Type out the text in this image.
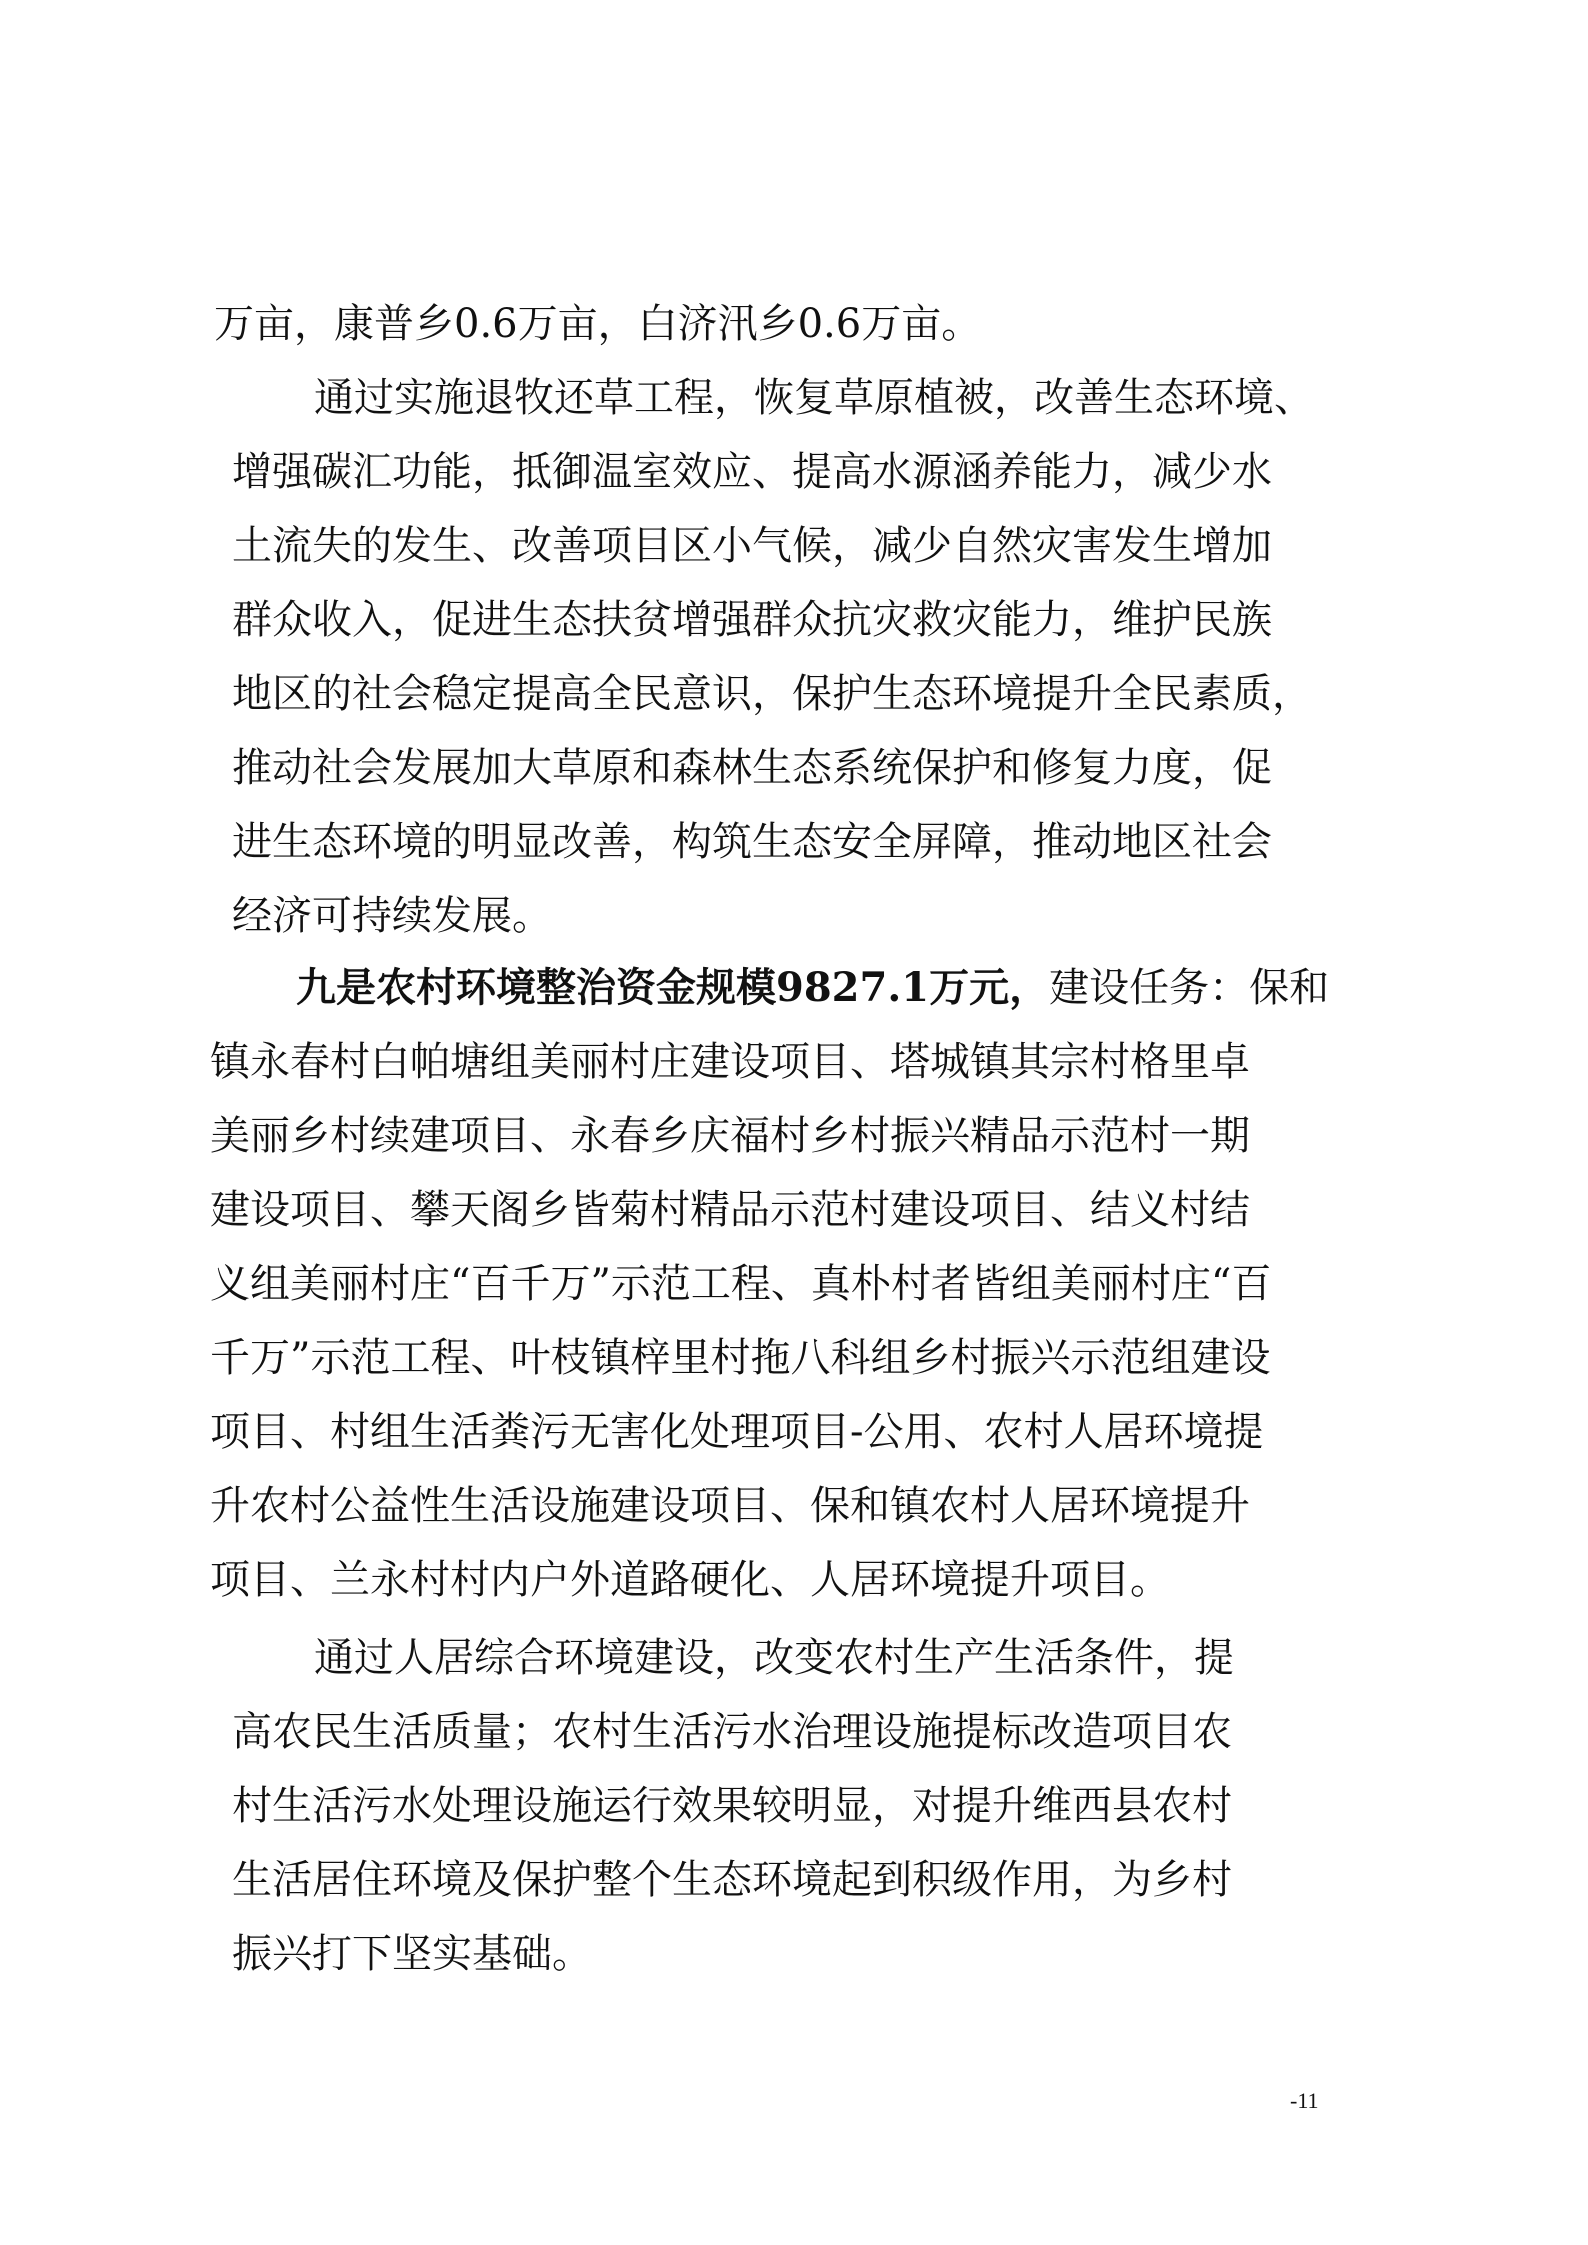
万亩，康普乡0.6万亩，白济汛乡0.6万亩。
通过实施退牧还草工程，恢复草原植被，改善生态环境、
增强碳汇功能，抵御温室效应、提高水源涵养能力，减少水
土流失的发生、改善项目区小气候，减少自然灾害发生增加
群众收入，促进生态扶贫增强群众抗灾救灾能力，维护民族
地区的社会稳定提高全民意识，保护生态环境提升全民素质，
推动社会发展加大草原和森林生态系统保护和修复力度，促
进生态环境的明显改善，构筑生态安全屏障，推动地区社会
经济可持续发展。
九是农村环境整治资金规模9827.1万元，建设任务：保和
镇永春村白帕塘组美丽村庄建设项目、塔城镇其宗村格里卓
美丽乡村续建项目、永春乡庆福村乡村振兴精品示范村一期
建设项目、攀天阁乡皆菊村精品示范村建设项目、结义村结
义组美丽村庄“百千万”示范工程、真朴村者皆组美丽村庄“百
千万”示范工程、叶枝镇梓里村拖八科组乡村振兴示范组建设
项目、村组生活粪污无害化处理项目-公用、农村人居环境提
升农村公益性生活设施建设项目、保和镇农村人居环境提升
项目、兰永村村内户外道路硬化、人居环境提升项目。
通过人居综合环境建设，改变农村生产生活条件，提
高农民生活质量；农村生活污水治理设施提标改造项目农
村生活污水处理设施运行效果较明显，对提升维西县农村
生活居住环境及保护整个生态环境起到积级作用，为乡村
振兴打下坚实基础。
-11
